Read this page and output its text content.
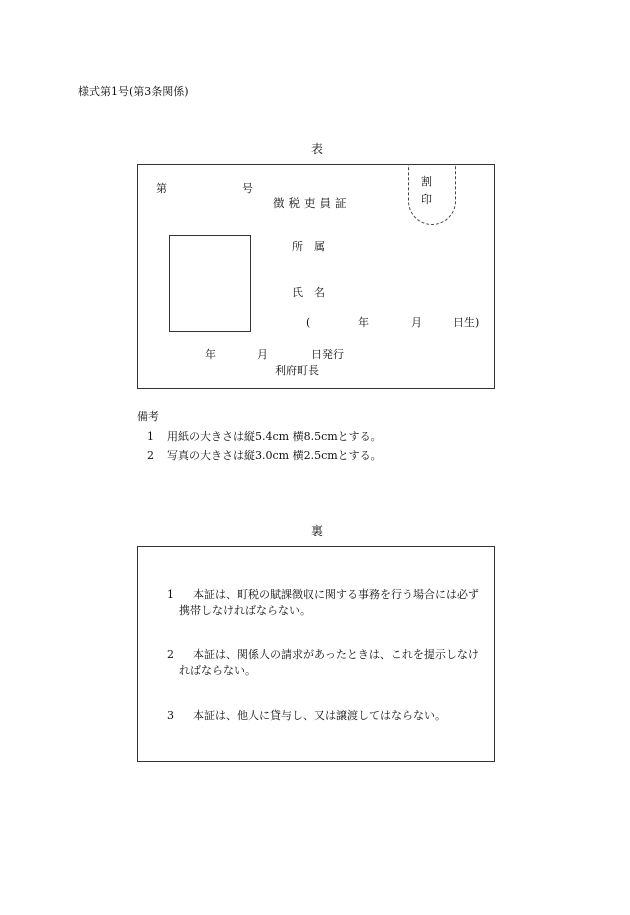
様式第1号(第3条関係)
表
第	号
徴税吏員証
割
印
所　属
氏　名
(	年	月	日生)
年	月	日発行
利府町長
備考
1 用紙の大きさは縦5.4cm 横8.5cmとする。
2 写真の大きさは縦3.0cm 横2.5cmとする。
裏
1	本証は、町税の賦課徴収に関する事務を行う場合には必ず携帯しなければならない。
2	本証は、関係人の請求があったときは、これを提示しなければならない。
3	本証は、他人に貸与し、又は譲渡してはならない。
